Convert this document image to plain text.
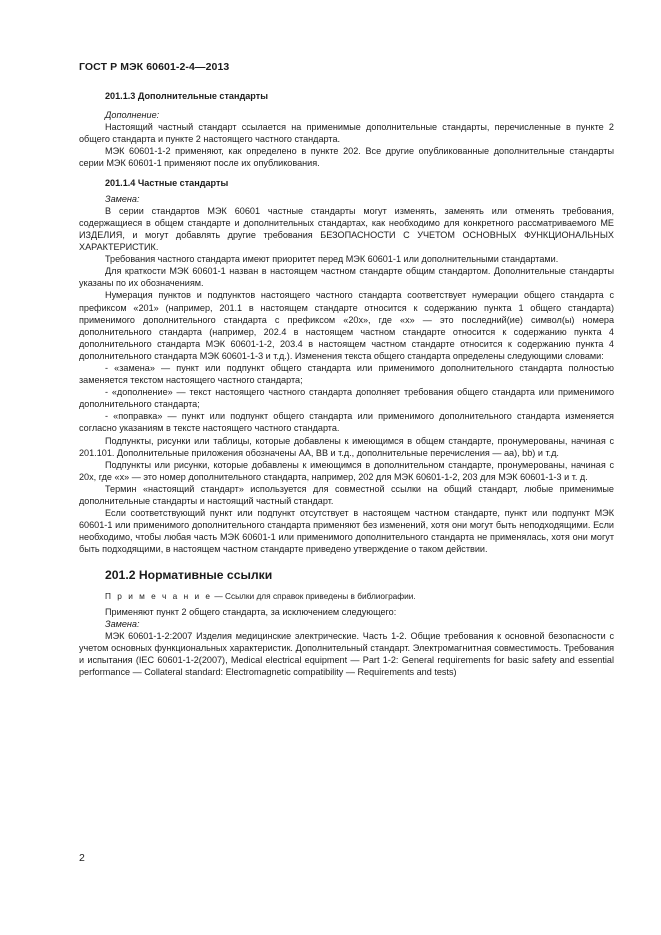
ГОСТ Р МЭК 60601-2-4—2013

201.1.3 Дополнительные стандарты

Дополнение:

Настоящий частный стандарт ссылается на применимые дополнительные стандарты, перечисленные в пункте 2 общего стандарта и пункте 2 настоящего частного стандарта.

МЭК 60601-1-2 применяют, как определено в пункте 202. Все другие опубликованные дополнительные стандарты серии МЭК 60601-1 применяют после их опубликования.

201.1.4 Частные стандарты

Замена:

В серии стандартов МЭК 60601 частные стандарты могут изменять, заменять или отменять требования, содержащиеся в общем стандарте и дополнительных стандартах, как необходимо для конкретного рассматриваемого МЕ ИЗДЕЛИЯ, и могут добавлять другие требования БЕЗОПАСНОСТИ С УЧЕТОМ ОСНОВНЫХ ФУНКЦИОНАЛЬНЫХ ХАРАКТЕРИСТИК.

Требования частного стандарта имеют приоритет перед МЭК 60601-1 или дополнительными стандартами.

Для краткости МЭК 60601-1 назван в настоящем частном стандарте общим стандартом. Дополнительные стандарты указаны по их обозначениям.

Нумерация пунктов и подпунктов настоящего частного стандарта соответствует нумерации общего стандарта с префиксом «201» (например, 201.1 в настоящем стандарте относится к содержанию пункта 1 общего стандарта) применимого дополнительного стандарта с префиксом «20x», где «x» — это последний(ие) символ(ы) номера дополнительного стандарта (например, 202.4 в настоящем частном стандарте относится к содержанию пункта 4 дополнительного стандарта МЭК 60601-1-2, 203.4 в настоящем частном стандарте относится к содержанию пункта 4 дополнительного стандарта МЭК 60601-1-3 и т.д.). Изменения текста общего стандарта определены следующими словами:

- «замена» — пункт или подпункт общего стандарта или применимого дополнительного стандарта полностью заменяется текстом настоящего частного стандарта;

- «дополнение» — текст настоящего частного стандарта дополняет требования общего стандарта или применимого дополнительного стандарта;

- «поправка» — пункт или подпункт общего стандарта или применимого дополнительного стандарта изменяется согласно указаниям в тексте настоящего частного стандарта.

Подпункты, рисунки или таблицы, которые добавлены к имеющимся в общем стандарте, пронумерованы, начиная с 201.101. Дополнительные приложения обозначены АА, ВВ и т.д., дополнительные перечисления — аа), bb) и т.д.

Подпункты или рисунки, которые добавлены к имеющимся в дополнительном стандарте, пронумерованы, начиная с 20x, где «x» — это номер дополнительного стандарта, например, 202 для МЭК 60601-1-2, 203 для МЭК 60601-1-3 и т. д.

Термин «настоящий стандарт» используется для совместной ссылки на общий стандарт, любые применимые дополнительные стандарты и настоящий частный стандарт.

Если соответствующий пункт или подпункт отсутствует в настоящем частном стандарте, пункт или подпункт МЭК 60601-1 или применимого дополнительного стандарта применяют без изменений, хотя они могут быть неподходящими. Если необходимо, чтобы любая часть МЭК 60601-1 или применимого дополнительного стандарта не применялась, хотя они могут быть подходящими, в настоящем частном стандарте приведено утверждение о таком действии.

201.2 Нормативные ссылки

П р и м е ч а н и е — Ссылки для справок приведены в библиографии.

Применяют пункт 2 общего стандарта, за исключением следующего:

Замена:

МЭК 60601-1-2:2007 Изделия медицинские электрические. Часть 1-2. Общие требования к основной безопасности с учетом основных функциональных характеристик. Дополнительный стандарт. Электромагнитная совместимость. Требования и испытания (IEC 60601-1-2(2007), Medical electrical equipment — Part 1-2: General requirements for basic safety and essential performance — Collateral standard: Electromagnetic compatibility — Requirements and tests)

2
